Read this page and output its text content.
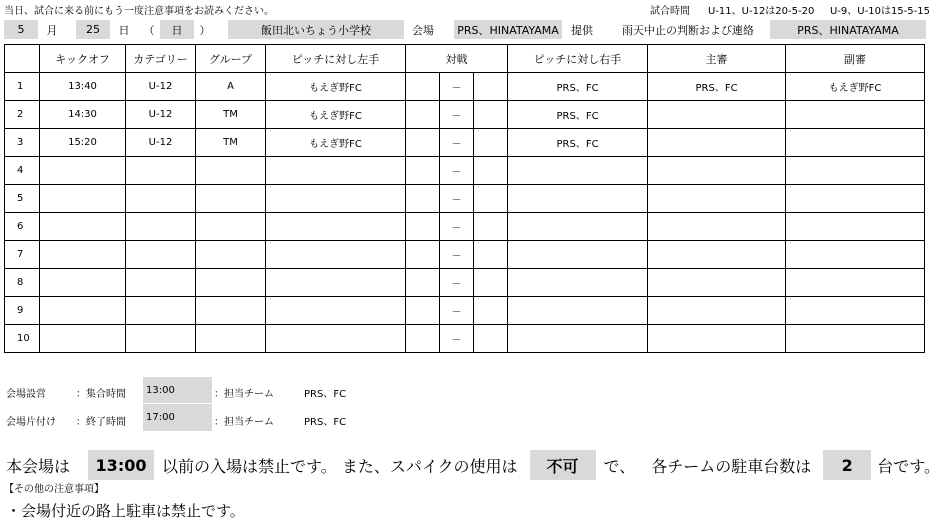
当日、試合に来る前にもう一度注意事項をお読みください。	試合時間 U-11、U-12は20-5-20 U-9、U-10は15-5-15
5	月	25	日	（	日	）	飯田北いちょう小学校	会場	PRS、HINATAYAMA	提供	雨天中止の判断および連絡	PRS、HINATAYAMA
	キックオフ	カテゴリー	グループ	ピッチに対し左手	対戦			ピッチに対し右手	主審	副審
1	13:40	U-12	A	もえぎ野FC		－		PRS、FC	PRS、FC	もえぎ野FC
2	14:30	U-12	TM	もえぎ野FC		－		PRS、FC		
3	15:20	U-12	TM	もえぎ野FC		－		PRS、FC		
4						－				
5						－				
6						－				
7						－				
8						－				
9						－				
10						－				
会場設営	：集合時間	13:00	：担当チーム	PRS、FC
会場片付け ：終了時間	17:00	：担当チーム	PRS、FC
本会場は	13:00 以前の入場は禁止です。 また、スパイクの使用は	不可	で、 各チームの駐車台数は	2	台です。
【その他の注意事項】
・会場付近の路上駐車は禁止です。
